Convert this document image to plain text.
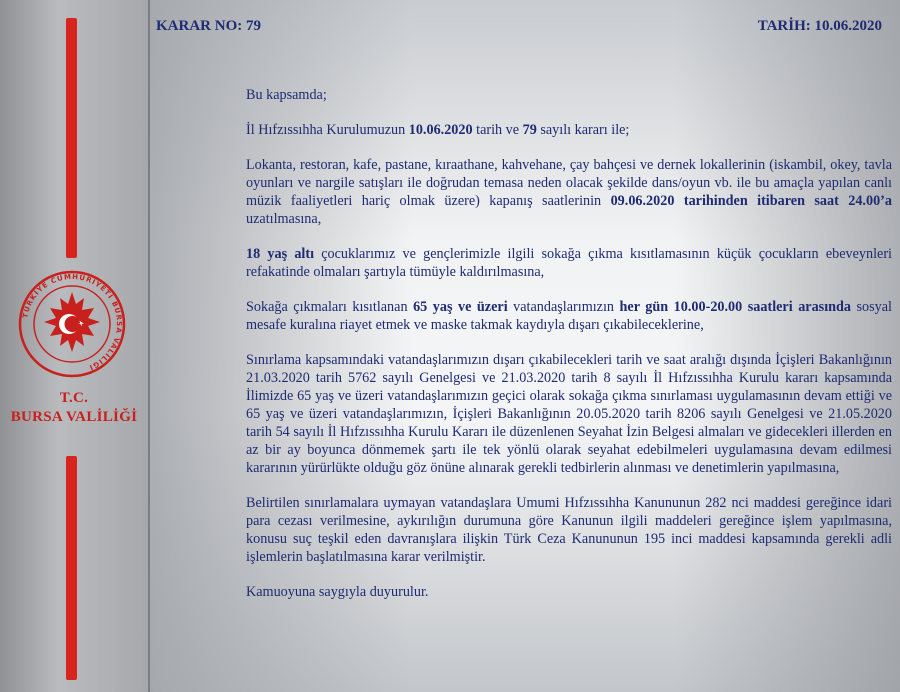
TÜRKİYE CUMHURİYETİ BURSA VALİLİĞİ
T.C.
BURSA VALİLİĞİ
KARAR NO: 79	TARİH: 10.06.2020

Bu kapsamda;

İl Hıfzıssıhha Kurulumuzun 10.06.2020 tarih ve 79 sayılı kararı ile;

Lokanta, restoran, kafe, pastane, kıraathane, kahvehane, çay bahçesi ve dernek lokallerinin (iskambil, okey, tavla oyunları ve nargile satışları ile doğrudan temasa neden olacak şekilde dans/oyun vb. ile bu amaçla yapılan canlı müzik faaliyetleri hariç olmak üzere) kapanış saatlerinin 09.06.2020 tarihinden itibaren saat 24.00’a uzatılmasına,

18 yaş altı çocuklarımız ve gençlerimizle ilgili sokağa çıkma kısıtlamasının küçük çocukların ebeveynleri refakatinde olmaları şartıyla tümüyle kaldırılmasına,

Sokağa çıkmaları kısıtlanan 65 yaş ve üzeri vatandaşlarımızın her gün 10.00-20.00 saatleri arasında sosyal mesafe kuralına riayet etmek ve maske takmak kaydıyla dışarı çıkabileceklerine,

Sınırlama kapsamındaki vatandaşlarımızın dışarı çıkabilecekleri tarih ve saat aralığı dışında İçişleri Bakanlığının 21.03.2020 tarih 5762 sayılı Genelgesi ve 21.03.2020 tarih 8 sayılı İl Hıfzıssıhha Kurulu kararı kapsamında İlimizde 65 yaş ve üzeri vatandaşlarımızın geçici olarak sokağa çıkma sınırlaması uygulamasının devam ettiği ve 65 yaş ve üzeri vatandaşlarımızın, İçişleri Bakanlığının 20.05.2020 tarih 8206 sayılı Genelgesi ve 21.05.2020 tarih 54 sayılı İl Hıfzıssıhha Kurulu Kararı ile düzenlenen Seyahat İzin Belgesi almaları ve gidecekleri illerden en az bir ay boyunca dönmemek şartı ile tek yönlü olarak seyahat edebilmeleri uygulamasına devam edilmesi kararının yürürlükte olduğu göz önüne alınarak gerekli tedbirlerin alınması ve denetimlerin yapılmasına,

Belirtilen sınırlamalara uymayan vatandaşlara Umumi Hıfzıssıhha Kanununun 282 nci maddesi gereğince idari para cezası verilmesine, aykırılığın durumuna göre Kanunun ilgili maddeleri gereğince işlem yapılmasına, konusu suç teşkil eden davranışlara ilişkin Türk Ceza Kanununun 195 inci maddesi kapsamında gerekli adli işlemlerin başlatılmasına karar verilmiştir.

Kamuoyuna saygıyla duyurulur.
